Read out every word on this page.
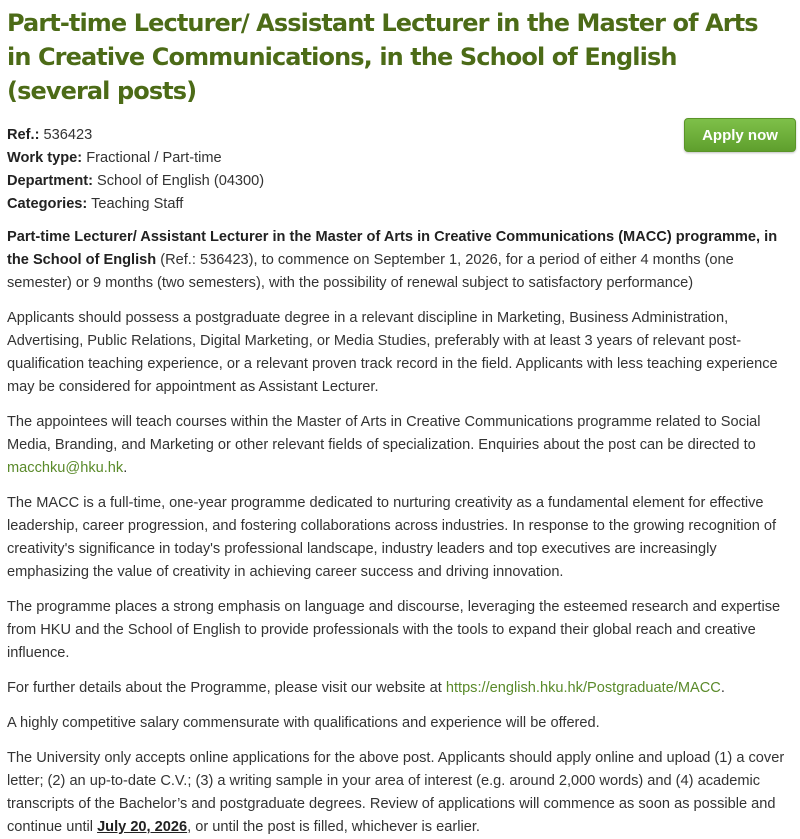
Part-time Lecturer/ Assistant Lecturer in the Master of Arts in Creative Communications, in the School of English (several posts)
Ref.: 536423
Work type: Fractional / Part-time
Department: School of English (04300)
Categories: Teaching Staff
Apply now

Part-time Lecturer/ Assistant Lecturer in the Master of Arts in Creative Communications (MACC) programme, in the School of English (Ref.: 536423), to commence on September 1, 2026, for a period of either 4 months (one semester) or 9 months (two semesters), with the possibility of renewal subject to satisfactory performance)

Applicants should possess a postgraduate degree in a relevant discipline in Marketing, Business Administration, Advertising, Public Relations, Digital Marketing, or Media Studies, preferably with at least 3 years of relevant post-qualification teaching experience, or a relevant proven track record in the field. Applicants with less teaching experience may be considered for appointment as Assistant Lecturer.

The appointees will teach courses within the Master of Arts in Creative Communications programme related to Social Media, Branding, and Marketing or other relevant fields of specialization. Enquiries about the post can be directed to macchku@hku.hk.

The MACC is a full-time, one-year programme dedicated to nurturing creativity as a fundamental element for effective leadership, career progression, and fostering collaborations across industries. In response to the growing recognition of creativity's significance in today's professional landscape, industry leaders and top executives are increasingly emphasizing the value of creativity in achieving career success and driving innovation.

The programme places a strong emphasis on language and discourse, leveraging the esteemed research and expertise from HKU and the School of English to provide professionals with the tools to expand their global reach and creative influence.

For further details about the Programme, please visit our website at https://english.hku.hk/Postgraduate/MACC.

A highly competitive salary commensurate with qualifications and experience will be offered.

The University only accepts online applications for the above post. Applicants should apply online and upload (1) a cover letter; (2) an up-to-date C.V.; (3) a writing sample in your area of interest (e.g. around 2,000 words) and (4) academic transcripts of the Bachelor’s and postgraduate degrees. Review of applications will commence as soon as possible and continue until July 20, 2026, or until the post is filled, whichever is earlier.
